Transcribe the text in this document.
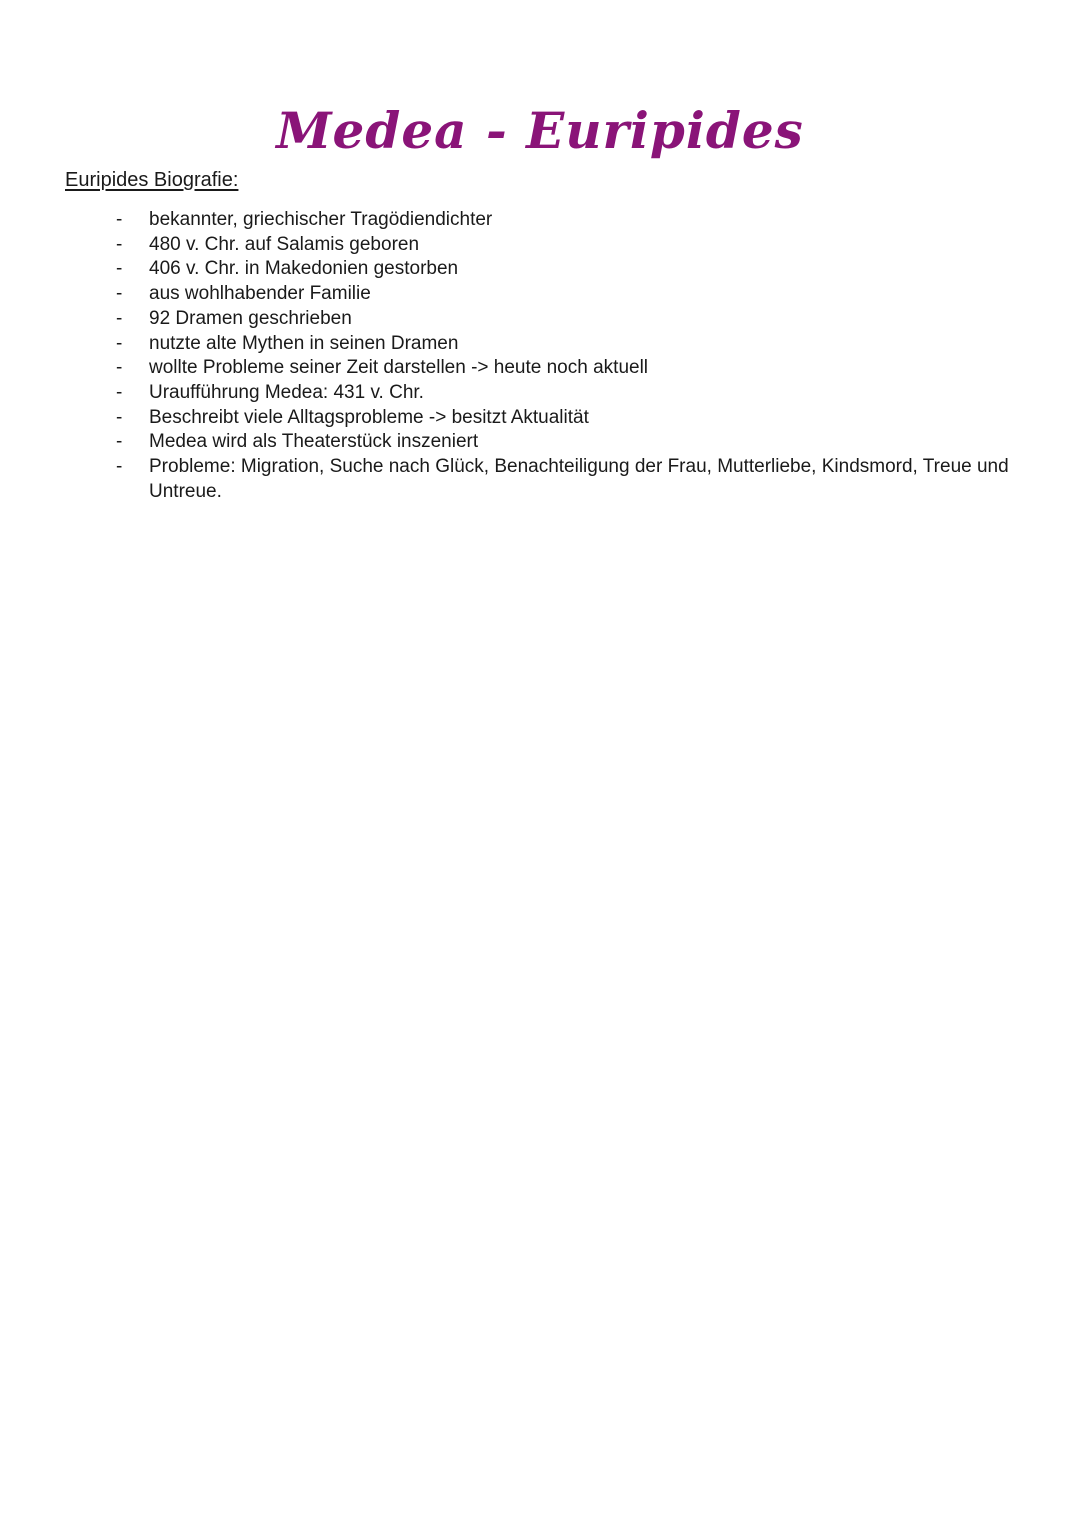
Medea - Euripides
Euripides Biografie:
- bekannter, griechischer Tragödiendichter
- 480 v. Chr. auf Salamis geboren
- 406 v. Chr. in Makedonien gestorben
- aus wohlhabender Familie
- 92 Dramen geschrieben
- nutzte alte Mythen in seinen Dramen
- wollte Probleme seiner Zeit darstellen -> heute noch aktuell
- Uraufführung Medea: 431 v. Chr.
- Beschreibt viele Alltagsprobleme -> besitzt Aktualität
- Medea wird als Theaterstück inszeniert
- Probleme: Migration, Suche nach Glück, Benachteiligung der Frau, Mutterliebe, Kindsmord, Treue und Untreue.
